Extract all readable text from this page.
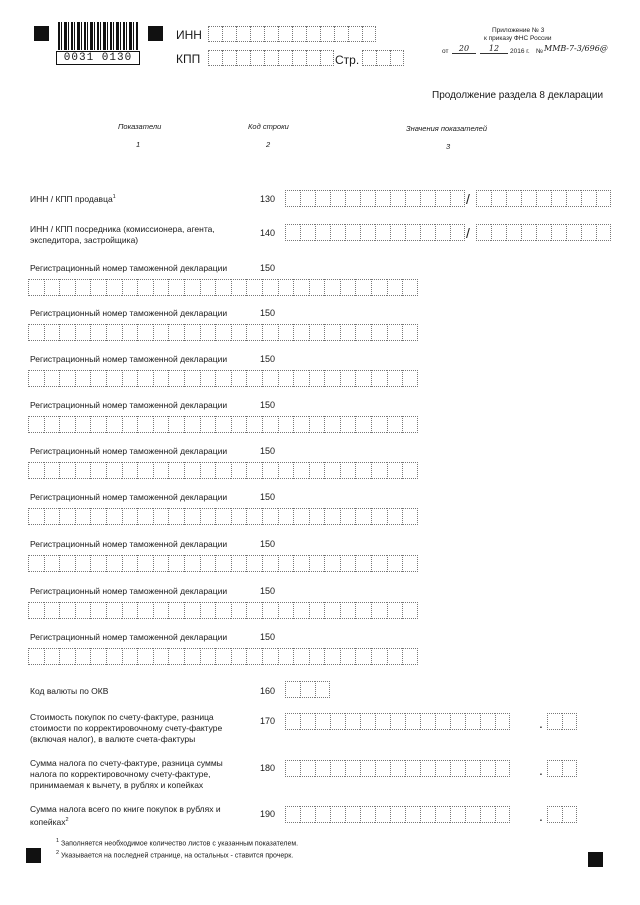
0031 0130
ИНН
КПП	Стр.
Приложение № 3
к приказу ФНС России
от	20	12	2016 г. № ММВ-7-3/696@
Продолжение раздела 8 декларации
Показатели	Код строки	Значения показателей
1	2	3
ИНН / КПП продавца$^1$	130	/
ИНН / КПП посредника (комиссионера, агента,
экспедитора, застройщика)
140	/
Регистрационный номер таможенной декларации	150
Регистрационный номер таможенной декларации	150
Регистрационный номер таможенной декларации	150
Регистрационный номер таможенной декларации	150
Регистрационный номер таможенной декларации	150
Регистрационный номер таможенной декларации	150
Регистрационный номер таможенной декларации	150
Регистрационный номер таможенной декларации	150
Регистрационный номер таможенной декларации	150
Код валюты по ОКВ	160
Стоимость покупок по счету-фактуре, разница
стоимости по корректировочному счету-фактуре
(включая налог), в валюте счета-фактуры
170	.
Сумма налога по счету-фактуре, разница суммы
налога по корректировочному счету-фактуре,
принимаемая к вычету, в рублях и копейках
180	.
Сумма налога всего по книге покупок в рублях и
копейках$^2$
190	.
$^1$ Заполняется необходимое количество листов с указанным показателем.
$^2$ Указывается на последней странице, на остальных - ставится прочерк.
